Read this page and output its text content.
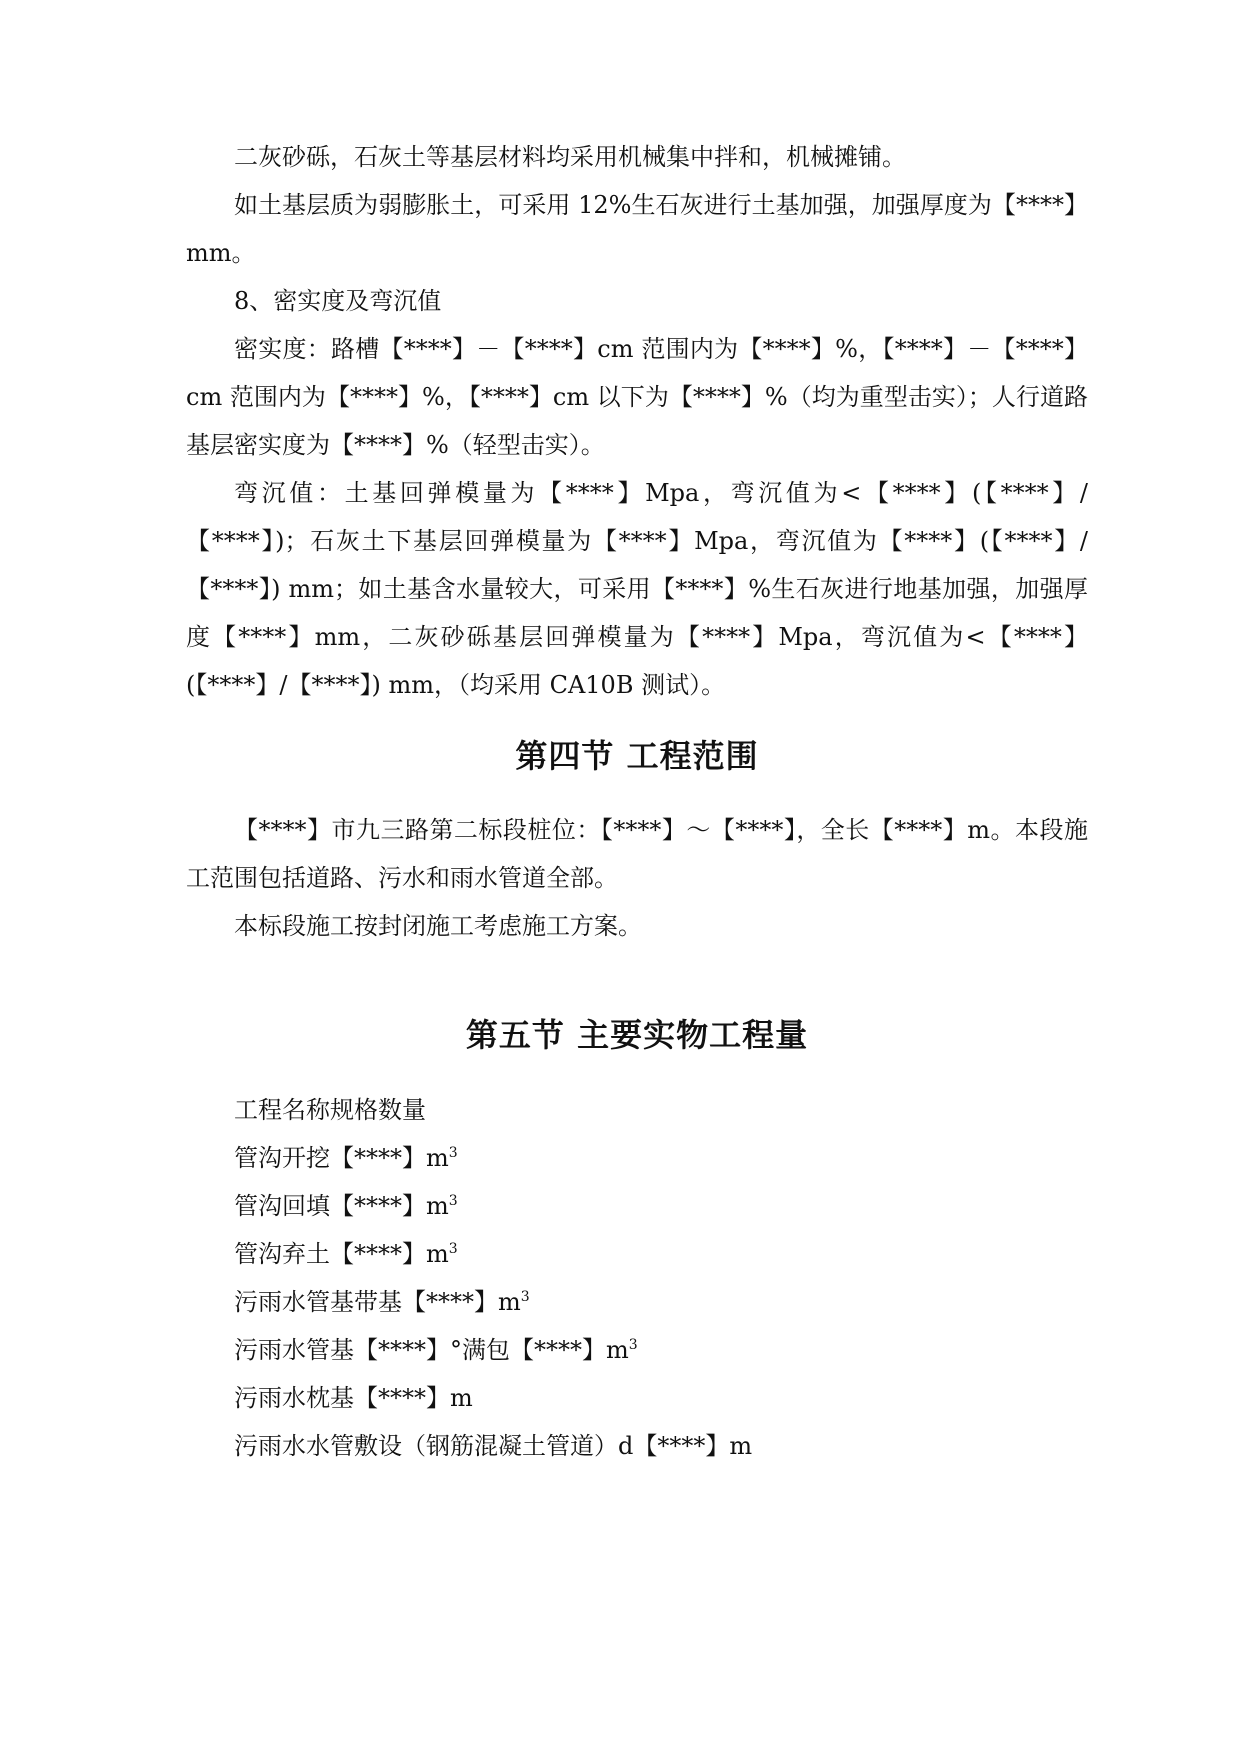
二灰砂砾，石灰土等基层材料均采用机械集中拌和，机械摊铺。

如土基层质为弱膨胀土，可采用 12%生石灰进行土基加强，加强厚度为【****】mm。

8、密实度及弯沉值

密实度：路槽【****】－【****】cm 范围内为【****】%，【****】－【****】cm 范围内为【****】%，【****】cm 以下为【****】%（均为重型击实）；人行道路基层密实度为【****】%（轻型击实）。

弯沉值：土基回弹模量为【****】Mpa，弯沉值为<【****】(【****】/【****】)；石灰土下基层回弹模量为【****】Mpa，弯沉值为【****】(【****】/【****】) mm；如土基含水量较大，可采用【****】%生石灰进行地基加强，加强厚度【****】mm，二灰砂砾基层回弹模量为【****】Mpa，弯沉值为<【****】(【****】/【****】) mm，（均采用 CA10B 测试）。

第四节 工程范围

【****】市九三路第二标段桩位：【****】～【****】，全长【****】m。本段施工范围包括道路、污水和雨水管道全部。

本标段施工按封闭施工考虑施工方案。

第五节 主要实物工程量

工程名称规格数量

管沟开挖【****】$m^3$

管沟回填【****】$m^3$

管沟弃土【****】$m^3$

污雨水管基带基【****】$m^3$

污雨水管基【****】°满包【****】$m^3$

污雨水枕基【****】m

污雨水水管敷设（钢筋混凝土管道）d【****】m
